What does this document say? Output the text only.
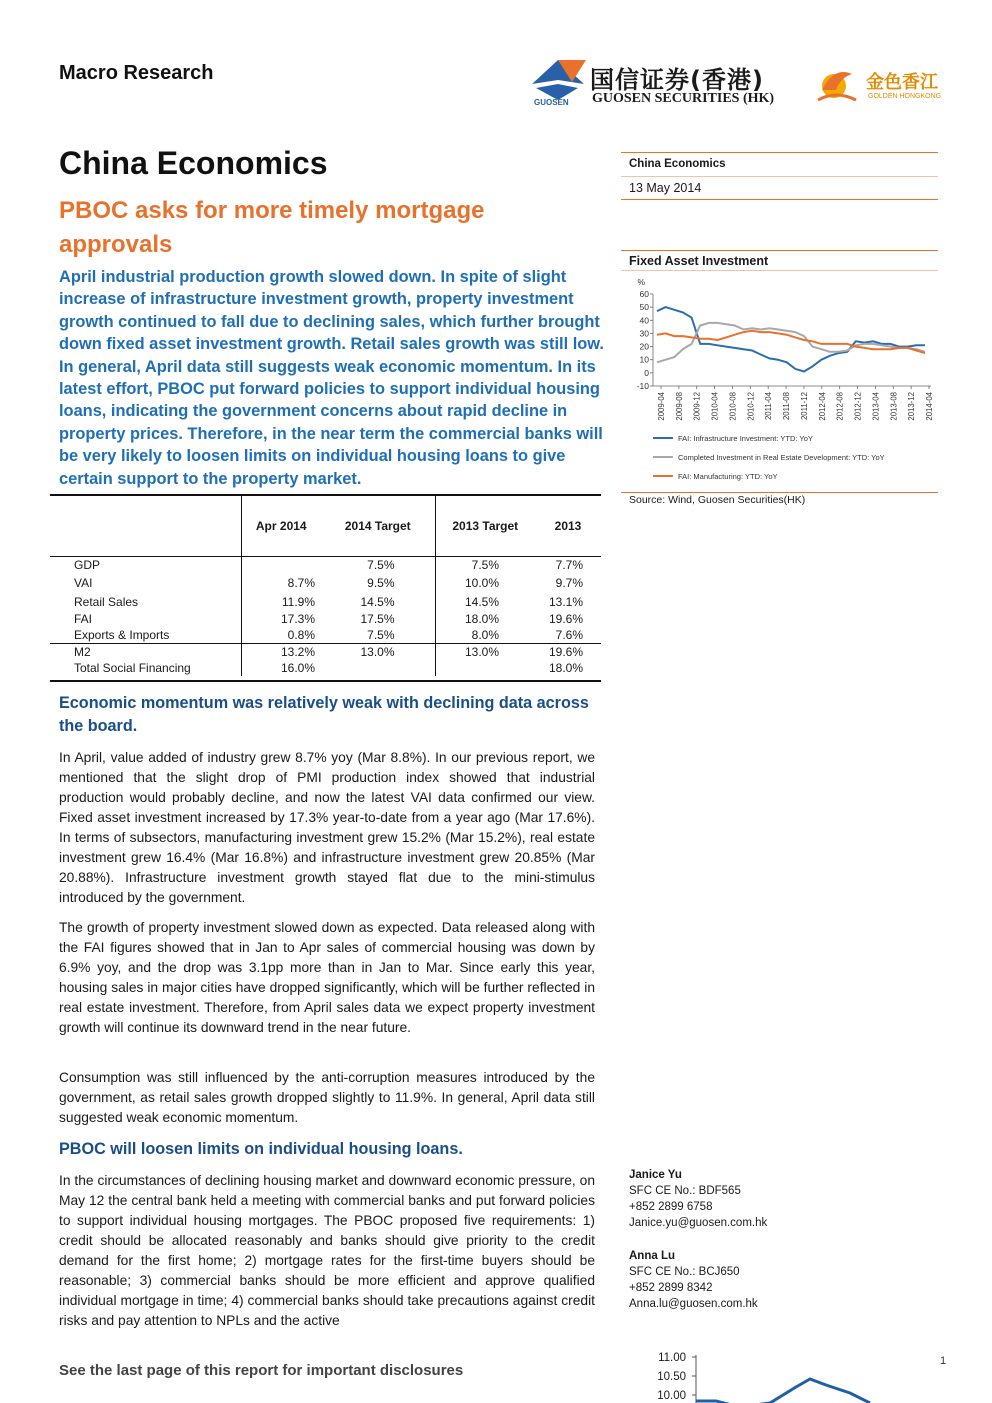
Macro Research
GUOSEN
国信证券(香港)
GUOSEN SECURITIES (HK)
金色香江
GOLDEN HONGKONG
China Economics
PBOC asks for more timely mortgage approvals
April industrial production growth slowed down. In spite of slight increase of infrastructure investment growth, property investment growth continued to fall due to declining sales, which further brought down fixed asset investment growth. Retail sales growth was still low. In general, April data still suggests weak economic momentum. In its latest effort, PBOC put forward policies to support individual housing loans, indicating the government concerns about rapid decline in property prices. Therefore, in the near term the commercial banks will be very likely to loosen limits on individual housing loans to give certain support to the property market.
China Economics
13 May 2014
Fixed Asset Investment
%
60
50
40
30
20
10
0
-10
2009-04 2009-08 2009-12 2010-04 2010-08 2010-12 2011-04 2011-08 2011-12 2012-04 2012-08 2012-12 2013-04 2013-08 2013-12 2014-04
FAI: Infrastructure Investment: YTD: YoY
Completed Investment in Real Estate Development: YTD: YoY
FAI: Manufacturing: YTD: YoY
Source: Wind, Guosen Securities(HK)
	Apr 2014	2014 Target	2013 Target	2013
GDP		7.5%	7.5%	7.7%
VAI	8.7%	9.5%	10.0%	9.7%
Retail Sales	11.9%	14.5%	14.5%	13.1%
FAI	17.3%	17.5%	18.0%	19.6%
Exports & Imports	0.8%	7.5%	8.0%	7.6%
M2	13.2%	13.0%	13.0%	19.6%
Total Social Financing	16.0%			18.0%
Economic momentum was relatively weak with declining data across the board.
In April, value added of industry grew 8.7% yoy (Mar 8.8%). In our previous report, we mentioned that the slight drop of PMI production index showed that industrial production would probably decline, and now the latest VAI data confirmed our view. Fixed asset investment increased by 17.3% year-to-date from a year ago (Mar 17.6%). In terms of subsectors, manufacturing investment grew 15.2% (Mar 15.2%), real estate investment grew 16.4% (Mar 16.8%) and infrastructure investment grew 20.85% (Mar 20.88%). Infrastructure investment growth stayed flat due to the mini-stimulus introduced by the government.
The growth of property investment slowed down as expected. Data released along with the FAI figures showed that in Jan to Apr sales of commercial housing was down by 6.9% yoy, and the drop was 3.1pp more than in Jan to Mar. Since early this year, housing sales in major cities have dropped significantly, which will be further reflected in real estate investment. Therefore, from April sales data we expect property investment growth will continue its downward trend in the near future.
Consumption was still influenced by the anti-corruption measures introduced by the government, as retail sales growth dropped slightly to 11.9%. In general, April data still suggested weak economic momentum.
PBOC will loosen limits on individual housing loans.
In the circumstances of declining housing market and downward economic pressure, on May 12 the central bank held a meeting with commercial banks and put forward policies to support individual housing mortgages. The PBOC proposed five requirements: 1) credit should be allocated reasonably and banks should give priority to the credit demand for the first home; 2) mortgage rates for the first-time buyers should be reasonable; 3) commercial banks should be more efficient and approve qualified individual mortgage in time; 4) commercial banks should take precautions against credit risks and pay attention to NPLs and the active
Janice Yu
SFC CE No.: BDF565
+852 2899 6758
Janice.yu@guosen.com.hk
Anna Lu
SFC CE No.: BCJ650
+852 2899 8342
Anna.lu@guosen.com.hk
11.00
10.50
10.00
See the last page of this report for important disclosures
1
